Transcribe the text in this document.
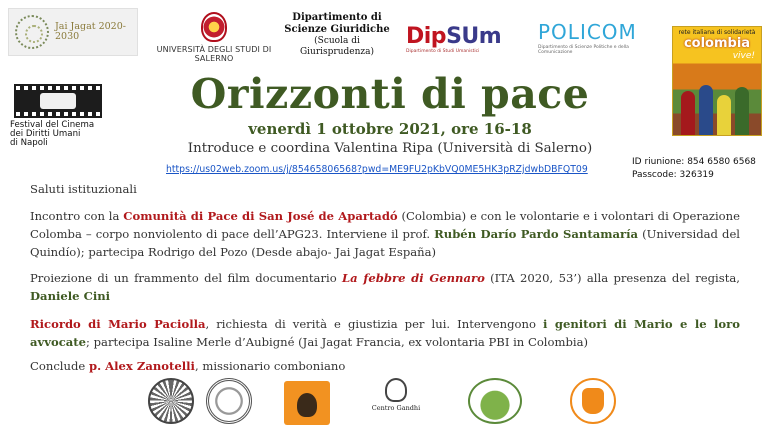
Jai Jagat 2020-2030
UNIVERSITÀ DEGLI STUDI DI SALERNO
Dipartimento di
Scienze Giuridiche
(Scuola di Giurisprudenza)
DipSUm
Dipartimento di Studi Umanistici
POLICOM
Dipartimento di Scienze Politiche e della Comunicazione
rete italiana di solidarietà
colombia
vive!
Festival del Cinema
dei Diritti Umani
di Napoli
Orizzonti di pace
venerdì 1 ottobre 2021, ore 16-18
Introduce e coordina Valentina Ripa (Università di Salerno)
https://us02web.zoom.us/j/85465806568?pwd=ME9FU2pKbVQ0ME5HK3pRZjdwbDBFQT09
ID riunione: 854 6580 6568
Passcode: 326319
Saluti istituzionali
Incontro con la Comunità di Pace di San José de Apartadó (Colombia) e con le volontarie e i volontari di Operazione Colomba – corpo nonviolento di pace dell’APG23. Interviene il prof. Rubén Darío Pardo Santamaría (Universidad del Quindío); partecipa Rodrigo del Pozo (Desde abajo- Jai Jagat España)
Proiezione di un frammento del film documentario La febbre di Gennaro (ITA 2020, 53’) alla presenza del regista, Daniele Cini
Ricordo di Mario Paciolla, richiesta di verità e giustizia per lui. Intervengono i genitori di Mario e le loro avvocate; partecipa Isaline Merle d’Aubigné (Jai Jagat Francia, ex volontaria PBI in Colombia)
Conclude p. Alex Zanotelli, missionario comboniano
Centro Gandhi
